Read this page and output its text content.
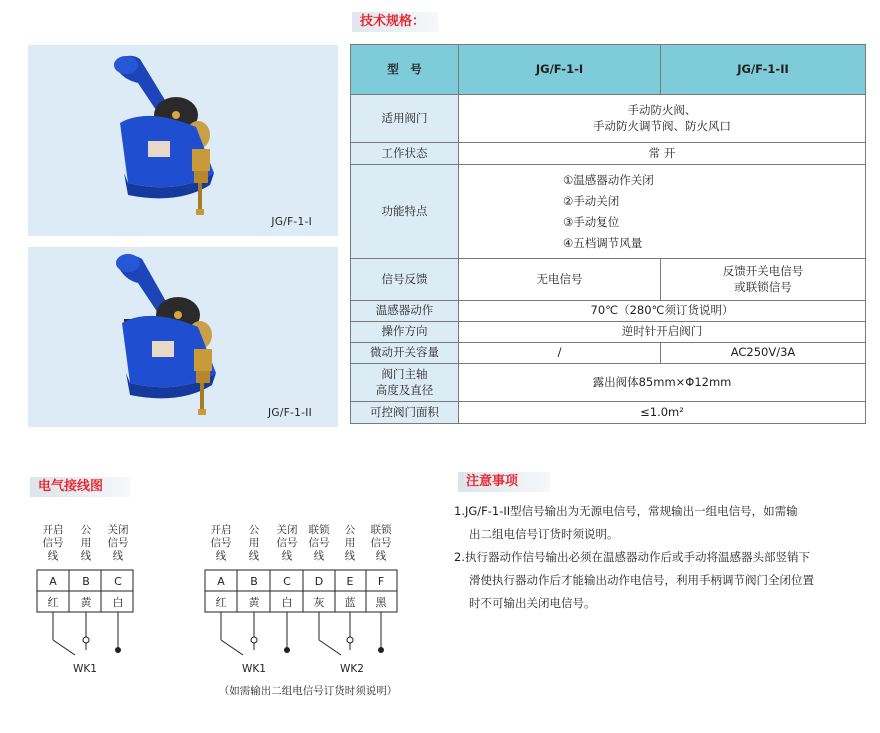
JG/F-1-I
JG/F-1-II
技术规格：
型　号	JG/F-1-I	JG/F-1-II
适用阀门	手动防火阀、
手动防火调节阀、防火风口	
工作状态	常 开	
功能特点	①温感器动作关闭
②手动关闭
③手动复位
④五档调节风量	

信号反馈	无电信号	反馈开关电信号
或联锁信号
温感器动作	70℃（280℃须订货说明）	
操作方向	逆时针开启阀门	
微动开关容量	/	AC250V/3A
阀门主轴
高度及直径	露出阀体85mm×Φ12mm	
可控阀门面积	≤1.0m²	
电气接线图
开启
信号
线
公
用
线
关闭
信号
线
A B C
红 黄 白
WK1
开启
信号
线
公
用
线
关闭
信号
线
联锁
信号
线
公
用
线
联锁
信号
线
A B C D E F
红 黄 白 灰 蓝 黑
WK1	WK2
（如需输出二组电信号订货时须说明）
注意事项

1.JG/F-1-II型信号输出为无源电信号，常规输出一组电信号，如需输
出二组电信号订货时须说明。

2.执行器动作信号输出必须在温感器动作后或手动将温感器头部竖销下
滑使执行器动作后才能输出动作电信号，利用手柄调节阀门全闭位置
时不可输出关闭电信号。
